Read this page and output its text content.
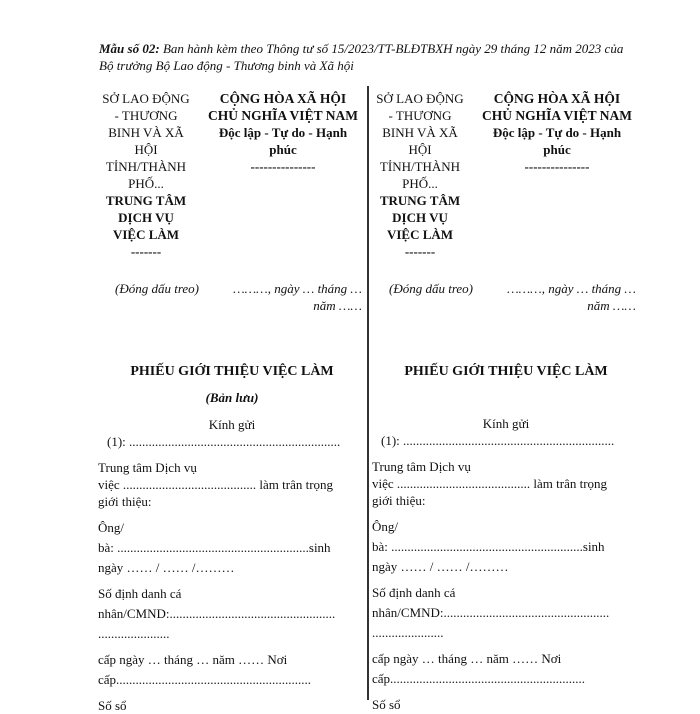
Mẫu số 02: Ban hành kèm theo Thông tư số 15/2023/TT-BLĐTBXH ngày 29 tháng 12 năm 2023 của Bộ trưởng Bộ Lao động - Thương binh và Xã hội
SỞ LAO ĐỘNG
- THƯƠNG
BINH VÀ XÃ
HỘI
TỈNH/THÀNH
PHỐ...
TRUNG TÂM
DỊCH VỤ
VIỆC LÀM
-------
CỘNG HÒA XÃ HỘI
CHỦ NGHĨA VIỆT NAM
Độc lập - Tự do - Hạnh
phúc
---------------
(Đóng dấu treo)	………, ngày … tháng …
năm ……
PHIẾU GIỚI THIỆU VIỆC LÀM
(Bản lưu)
Kính gửi
(1): .................................................................
Trung tâm Dịch vụ
việc ......................................... làm trân trọng
giới thiệu:
Ông/
bà: ...........................................................sinh
ngày …… / …… /………
Số định danh cá
nhân/CMND:...................................................
......................
cấp ngày … tháng … năm …… Nơi
cấp............................................................
Số sổ
SỞ LAO ĐỘNG
- THƯƠNG
BINH VÀ XÃ
HỘI
TỈNH/THÀNH
PHỐ...
TRUNG TÂM
DỊCH VỤ
VIỆC LÀM
-------
CỘNG HÒA XÃ HỘI
CHỦ NGHĨA VIỆT NAM
Độc lập - Tự do - Hạnh
phúc
---------------
(Đóng dấu treo)	………, ngày … tháng …
năm ……
PHIẾU GIỚI THIỆU VIỆC LÀM
Kính gửi
(1): .................................................................
Trung tâm Dịch vụ
việc ......................................... làm trân trọng
giới thiệu:
Ông/
bà: ...........................................................sinh
ngày …… / …… /………
Số định danh cá
nhân/CMND:...................................................
......................
cấp ngày … tháng … năm …… Nơi
cấp............................................................
Số sổ
